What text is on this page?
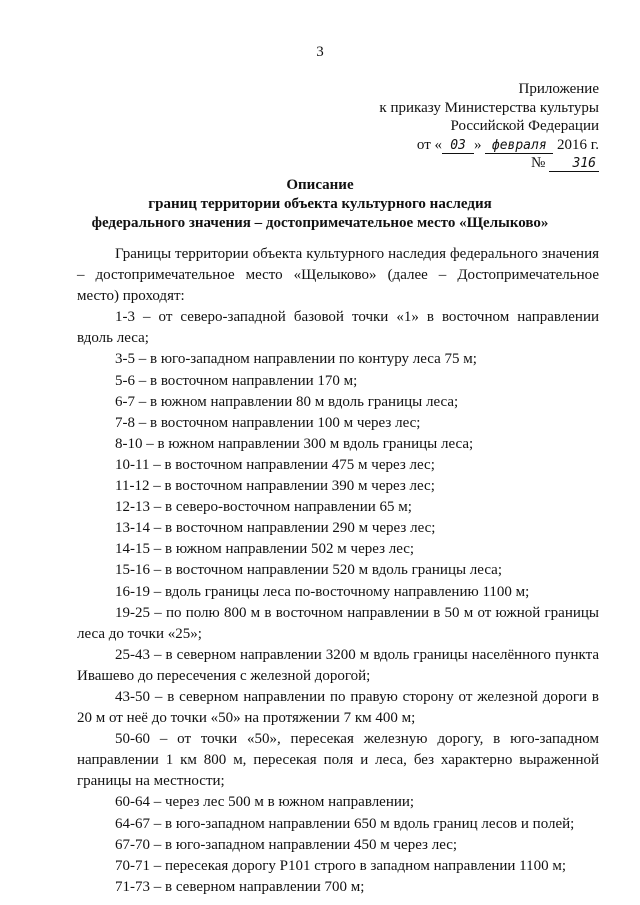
3
Приложение
к приказу Министерства культуры
Российской Федерации
от « 03 » февраля 2016 г.
№ 316
Описание
границ территории объекта культурного наследия
федерального значения – достопримечательное место «Щелыково»

Границы территории объекта культурного наследия федерального значения – достопримечательное место «Щелыково» (далее – Достопримечательное место) проходят:

1-3 – от северо-западной базовой точки «1» в восточном направлении вдоль леса;

3-5 – в юго-западном направлении по контуру леса 75 м;

5-6 – в восточном направлении 170 м;

6-7 – в южном направлении 80 м вдоль границы леса;

7-8 – в восточном направлении 100 м через лес;

8-10 – в южном направлении 300 м вдоль границы леса;

10-11 – в восточном направлении 475 м через лес;

11-12 – в восточном направлении 390 м через лес;

12-13 – в северо-восточном направлении 65 м;

13-14 – в восточном направлении 290 м через лес;

14-15 – в южном направлении 502 м через лес;

15-16 – в восточном направлении 520 м вдоль границы леса;

16-19 – вдоль границы леса по-восточному направлению 1100 м;

19-25 – по полю 800 м в восточном направлении в 50 м от южной границы леса до точки «25»;

25-43 – в северном направлении 3200 м вдоль границы населённого пункта Ивашево до пересечения с железной дорогой;

43-50 – в северном направлении по правую сторону от железной дороги в 20 м от неё до точки «50» на протяжении 7 км 400 м;

50-60 – от точки «50», пересекая железную дорогу, в юго-западном направлении 1 км 800 м, пересекая поля и леса, без характерно выраженной границы на местности;

60-64 – через лес 500 м в южном направлении;

64-67 – в юго-западном направлении 650 м вдоль границ лесов и полей;

67-70 – в юго-западном направлении 450 м через лес;

70-71 – пересекая дорогу Р101 строго в западном направлении 1100 м;

71-73 – в северном направлении 700 м;
